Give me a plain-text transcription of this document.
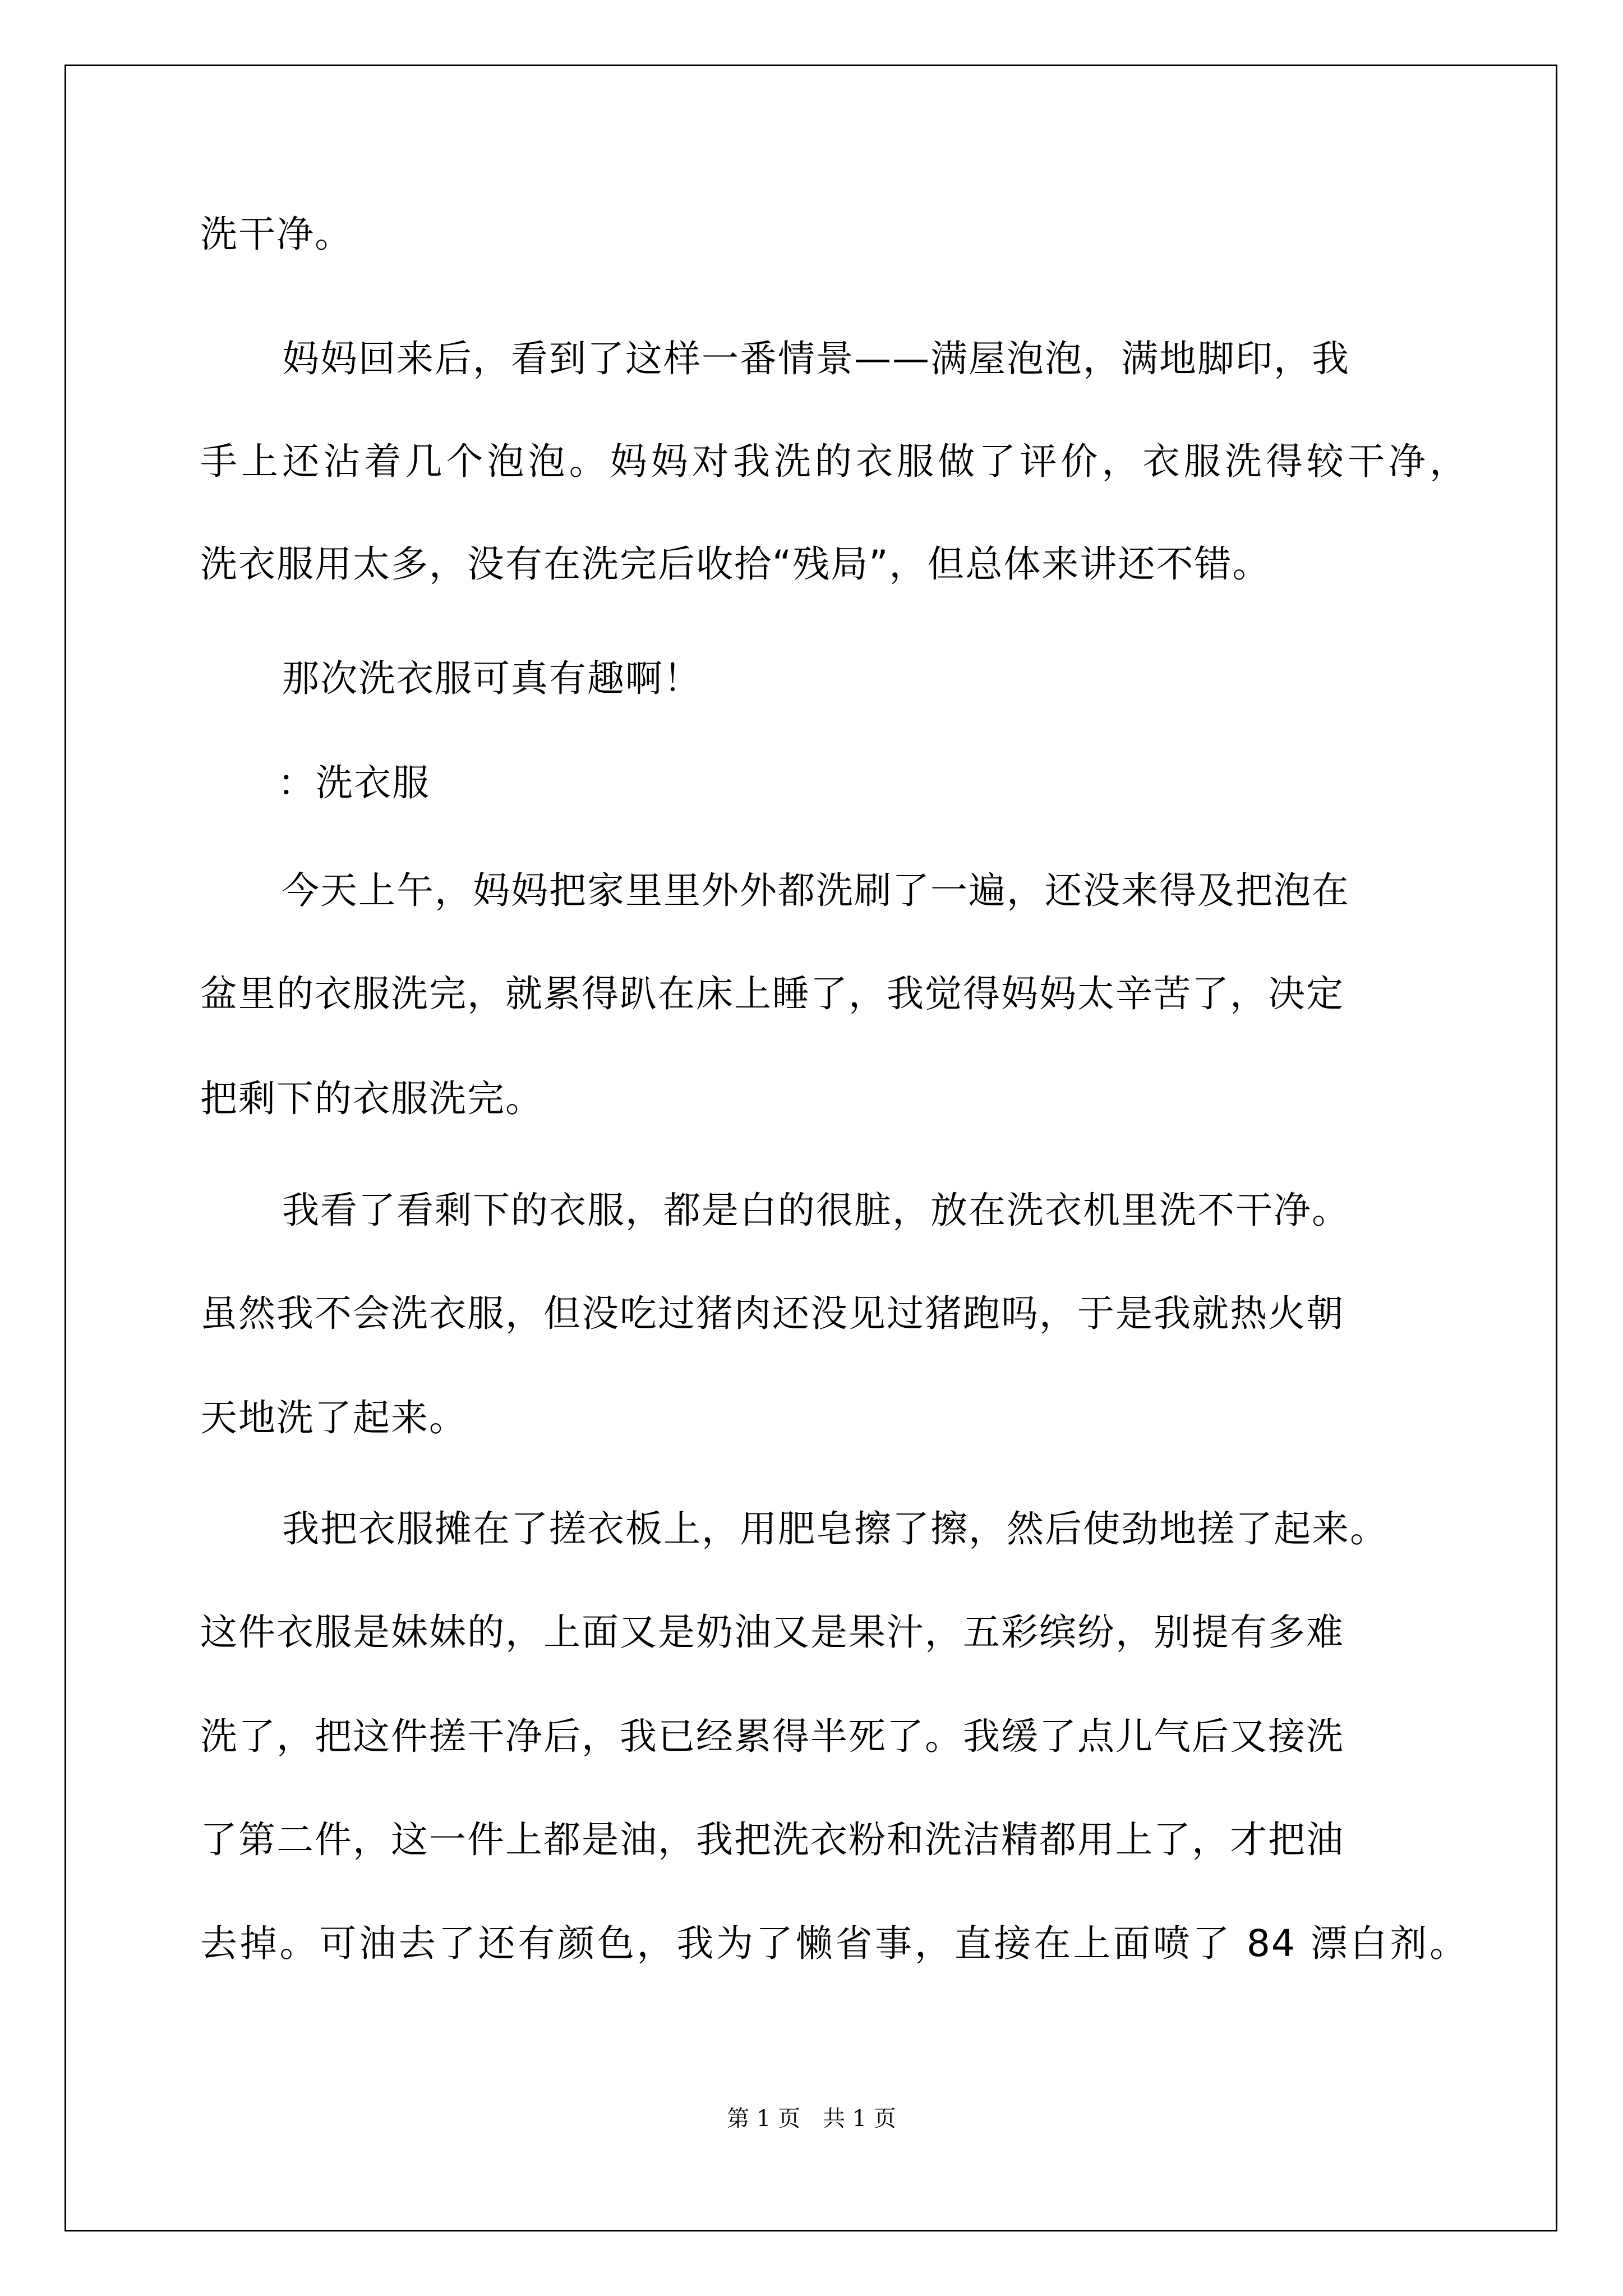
洗干净。
妈妈回来后，看到了这样一番情景——满屋泡泡，满地脚印，我
手上还沾着几个泡泡。妈妈对我洗的衣服做了评价，衣服洗得较干净，
洗衣服用太多，没有在洗完后收拾“残局”，但总体来讲还不错。
那次洗衣服可真有趣啊！
：洗衣服
今天上午，妈妈把家里里外外都洗刷了一遍，还没来得及把泡在
盆里的衣服洗完，就累得趴在床上睡了，我觉得妈妈太辛苦了，决定
把剩下的衣服洗完。
我看了看剩下的衣服，都是白的很脏，放在洗衣机里洗不干净。
虽然我不会洗衣服，但没吃过猪肉还没见过猪跑吗，于是我就热火朝
天地洗了起来。
我把衣服摊在了搓衣板上，用肥皂擦了擦，然后使劲地搓了起来。
这件衣服是妹妹的，上面又是奶油又是果汁，五彩缤纷，别提有多难
洗了，把这件搓干净后，我已经累得半死了。我缓了点儿气后又接洗
了第二件，这一件上都是油，我把洗衣粉和洗洁精都用上了，才把油
去掉。可油去了还有颜色，我为了懒省事，直接在上面喷了 84 漂白剂。
第 1 页　共 1 页
